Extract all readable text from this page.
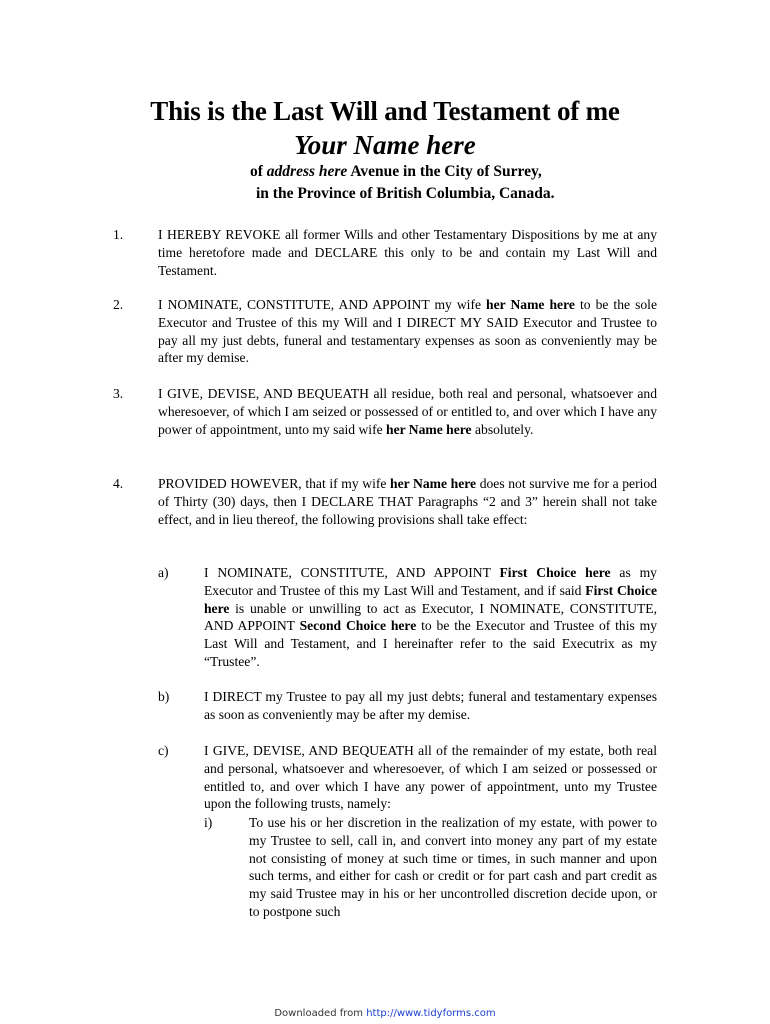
This is the Last Will and Testament of me
Your Name here
of address here Avenue in the City of Surrey,
in the Province of British Columbia, Canada.
1.	I HEREBY REVOKE all former Wills and other Testamentary Dispositions by me at any time heretofore made and DECLARE this only to be and contain my Last Will and Testament.
2.	I NOMINATE, CONSTITUTE, AND APPOINT my wife her Name here to be the sole Executor and Trustee of this my Will and I DIRECT MY SAID Executor and Trustee to pay all my just debts, funeral and testamentary expenses as soon as conveniently may be after my demise.
3.	I GIVE, DEVISE, AND BEQUEATH all residue, both real and personal, whatsoever and wheresoever, of which I am seized or possessed of or entitled to, and over which I have any power of appointment, unto my said wife her Name here absolutely.
4.	PROVIDED HOWEVER, that if my wife her Name here does not survive me for a period of Thirty (30) days, then I DECLARE THAT Paragraphs “2 and 3” herein shall not take effect, and in lieu thereof, the following provisions shall take effect:
a)	I NOMINATE, CONSTITUTE, AND APPOINT First Choice here as my Executor and Trustee of this my Last Will and Testament, and if said First Choice here is unable or unwilling to act as Executor, I NOMINATE, CONSTITUTE, AND APPOINT Second Choice here to be the Executor and Trustee of this my Last Will and Testament, and I hereinafter refer to the said Executrix as my “Trustee”.
b)	I DIRECT my Trustee to pay all my just debts; funeral and testamentary expenses as soon as conveniently may be after my demise.
c)	I GIVE, DEVISE, AND BEQUEATH all of the remainder of my estate, both real and personal, whatsoever and wheresoever, of which I am seized or possessed or entitled to, and over which I have any power of appointment, unto my Trustee upon the following trusts, namely:
i)	To use his or her discretion in the realization of my estate, with power to my Trustee to sell, call in, and convert into money any part of my estate not consisting of money at such time or times, in such manner and upon such terms, and either for cash or credit or for part cash and part credit as my said Trustee may in his or her uncontrolled discretion decide upon, or to postpone such
Downloaded from http://www.tidyforms.com
